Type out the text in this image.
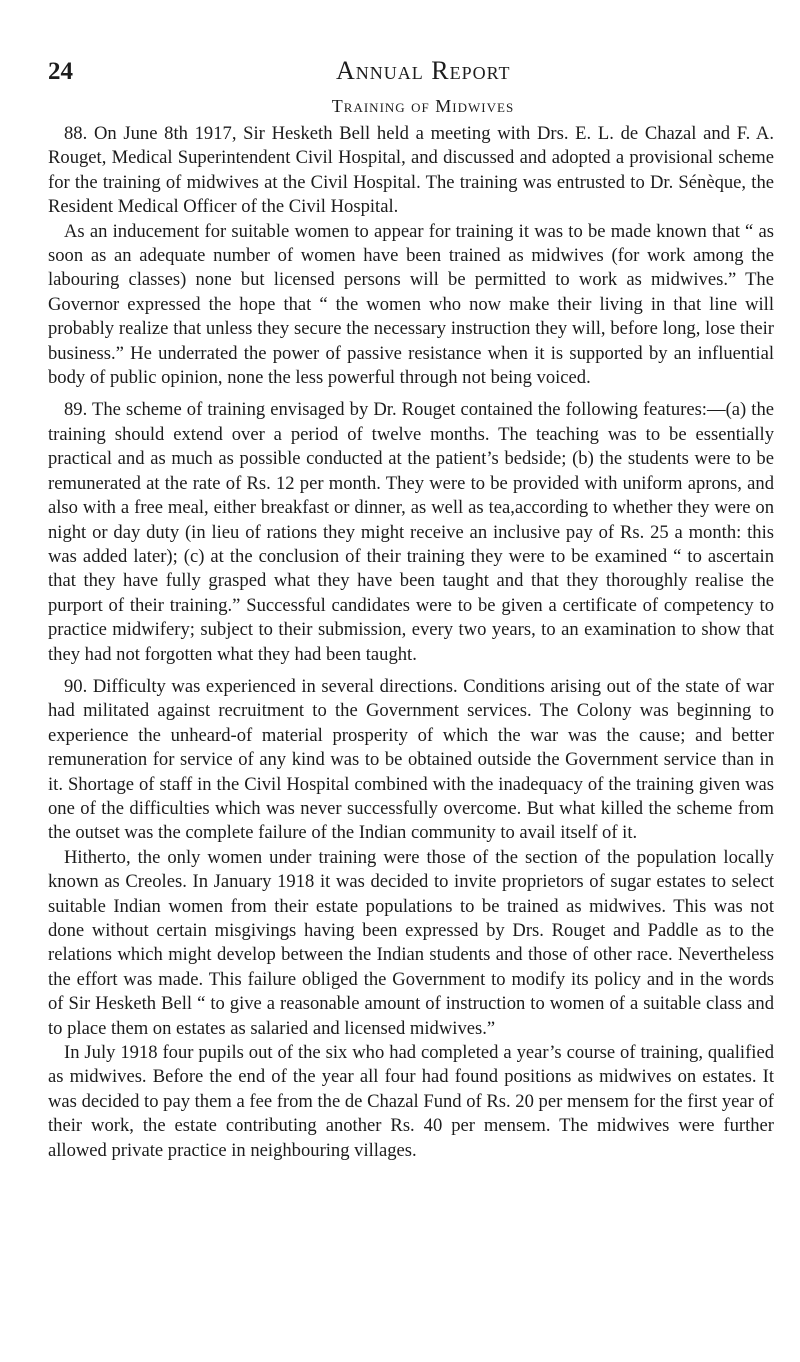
24	Annual Report
Training of Midwives

88. On June 8th 1917, Sir Hesketh Bell held a meeting with Drs. E. L. de Chazal and F. A. Rouget, Medical Superintendent Civil Hospital, and discussed and adopted a provisional scheme for the training of midwives at the Civil Hospital. The training was entrusted to Dr. Sénèque, the Resident Medical Officer of the Civil Hospital.

As an inducement for suitable women to appear for training it was to be made known that “ as soon as an adequate number of women have been trained as midwives (for work among the labouring classes) none but licensed persons will be permitted to work as midwives.” The Governor expressed the hope that “ the women who now make their living in that line will probably realize that unless they secure the necessary instruction they will, before long, lose their business.” He underrated the power of passive resistance when it is supported by an influential body of public opinion, none the less powerful through not being voiced.

89. The scheme of training envisaged by Dr. Rouget contained the following features:—(a) the training should extend over a period of twelve months. The teaching was to be essentially practical and as much as possible conducted at the patient’s bedside; (b) the students were to be remunerated at the rate of Rs. 12 per month. They were to be provided with uniform aprons, and also with a free meal, either breakfast or dinner, as well as tea,according to whether they were on night or day duty (in lieu of rations they might receive an inclusive pay of Rs. 25 a month: this was added later); (c) at the conclusion of their training they were to be examined “ to ascertain that they have fully grasped what they have been taught and that they thoroughly realise the purport of their training.” Successful candidates were to be given a certificate of competency to practice midwifery; subject to their submission, every two years, to an examination to show that they had not forgotten what they had been taught.

90. Difficulty was experienced in several directions. Conditions arising out of the state of war had militated against recruitment to the Government services. The Colony was beginning to experience the unheard-of material prosperity of which the war was the cause; and better remuneration for service of any kind was to be obtained outside the Government service than in it. Shortage of staff in the Civil Hospital combined with the inadequacy of the training given was one of the difficulties which was never successfully overcome. But what killed the scheme from the outset was the complete failure of the Indian community to avail itself of it.

Hitherto, the only women under training were those of the section of the population locally known as Creoles. In January 1918 it was decided to invite proprietors of sugar estates to select suitable Indian women from their estate populations to be trained as midwives. This was not done without certain misgivings having been expressed by Drs. Rouget and Paddle as to the relations which might develop between the Indian students and those of other race. Nevertheless the effort was made. This failure obliged the Government to modify its policy and in the words of Sir Hesketh Bell “ to give a reasonable amount of instruction to women of a suitable class and to place them on estates as salaried and licensed midwives.”

In July 1918 four pupils out of the six who had completed a year’s course of training, qualified as midwives. Before the end of the year all four had found positions as midwives on estates. It was decided to pay them a fee from the de Chazal Fund of Rs. 20 per mensem for the first year of their work, the estate contributing another Rs. 40 per mensem. The midwives were further allowed private practice in neighbouring villages.
